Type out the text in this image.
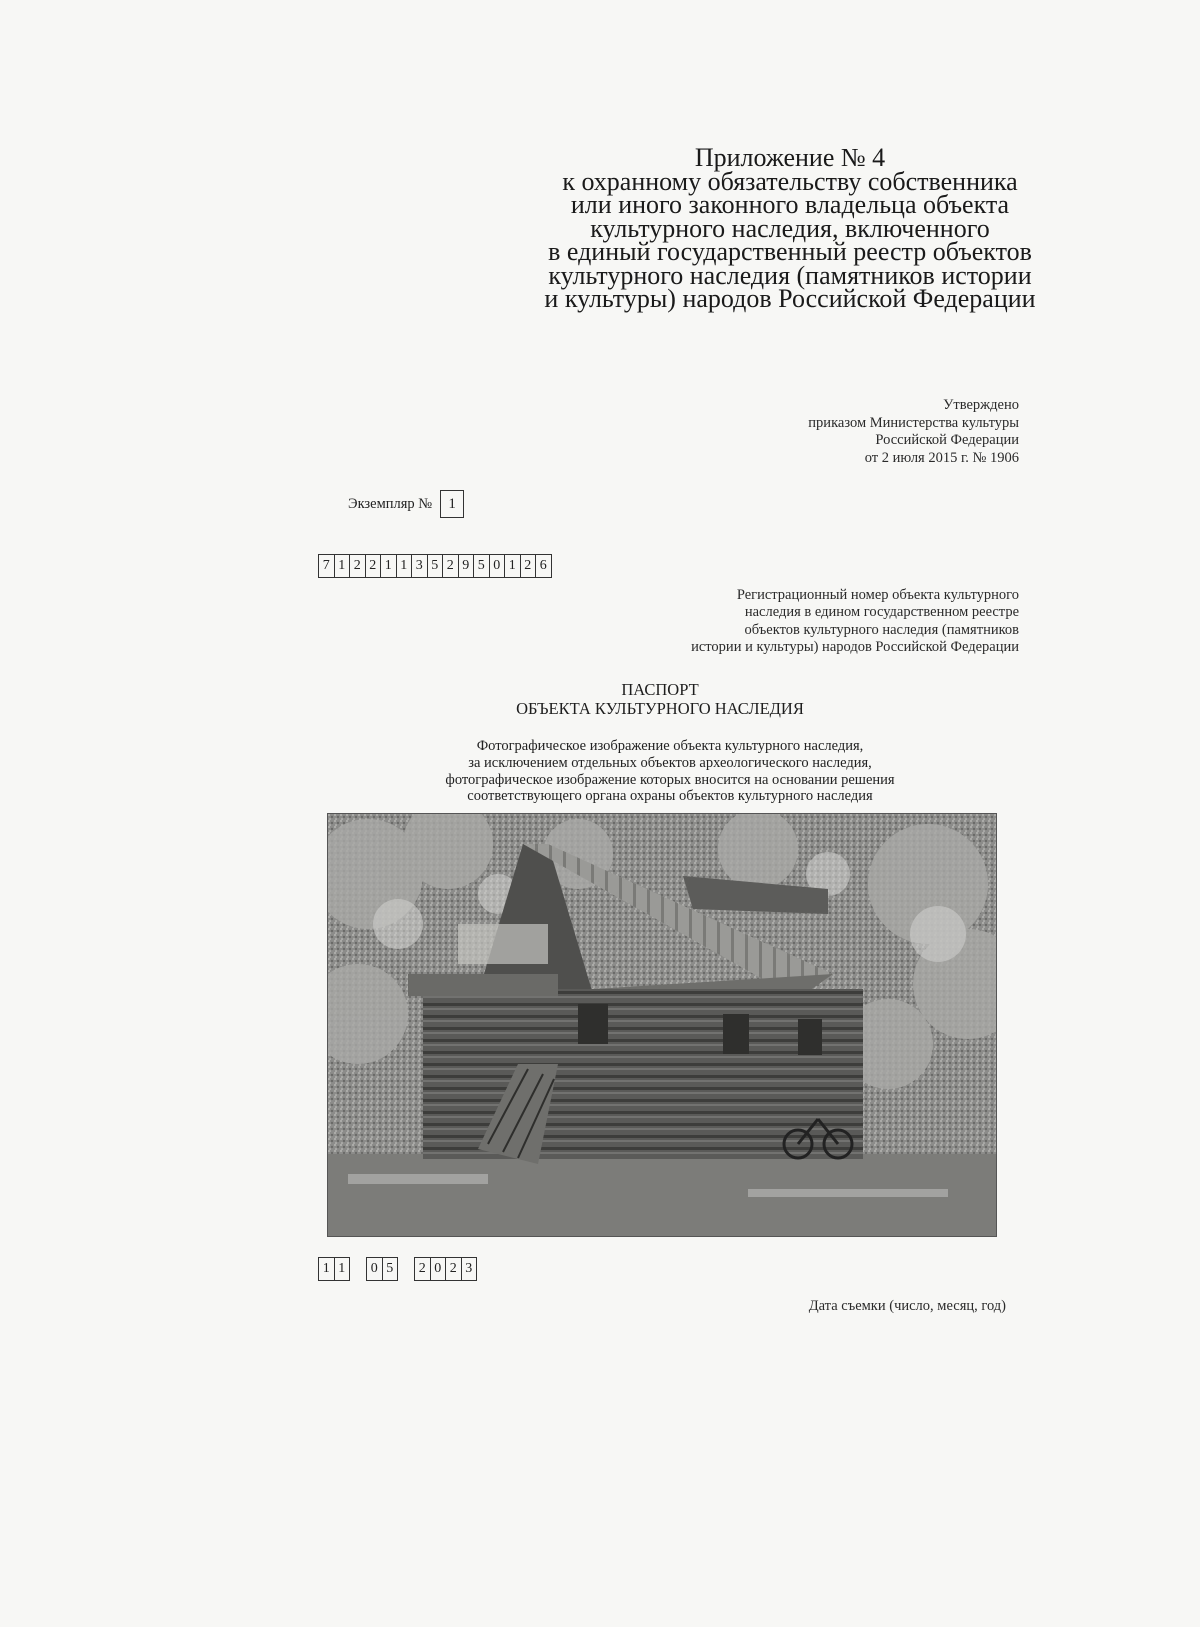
Приложение № 4
к охранному обязательству собственника
или иного законного владельца объекта
культурного наследия, включенного
в единый государственный реестр объектов
культурного наследия (памятников истории
и культуры) народов Российской Федерации
Утверждено
приказом Министерства культуры
Российской Федерации
от 2 июля 2015 г. № 1906
Экземпляр №	1
7 1 2 2 1 1 3 5 2 9 5 0 1 2 6
Регистрационный номер объекта культурного
наследия в едином государственном реестре
объектов культурного наследия (памятников
истории и культуры) народов Российской Федерации
ПАСПОРТ
ОБЪЕКТА КУЛЬТУРНОГО НАСЛЕДИЯ
Фотографическое изображение объекта культурного наследия,
за исключением отдельных объектов археологического наследия,
фотографическое изображение которых вносится на основании решения
соответствующего органа охраны объектов культурного наследия
1 1 0 5 2 0 2 3
Дата съемки (число, месяц, год)
